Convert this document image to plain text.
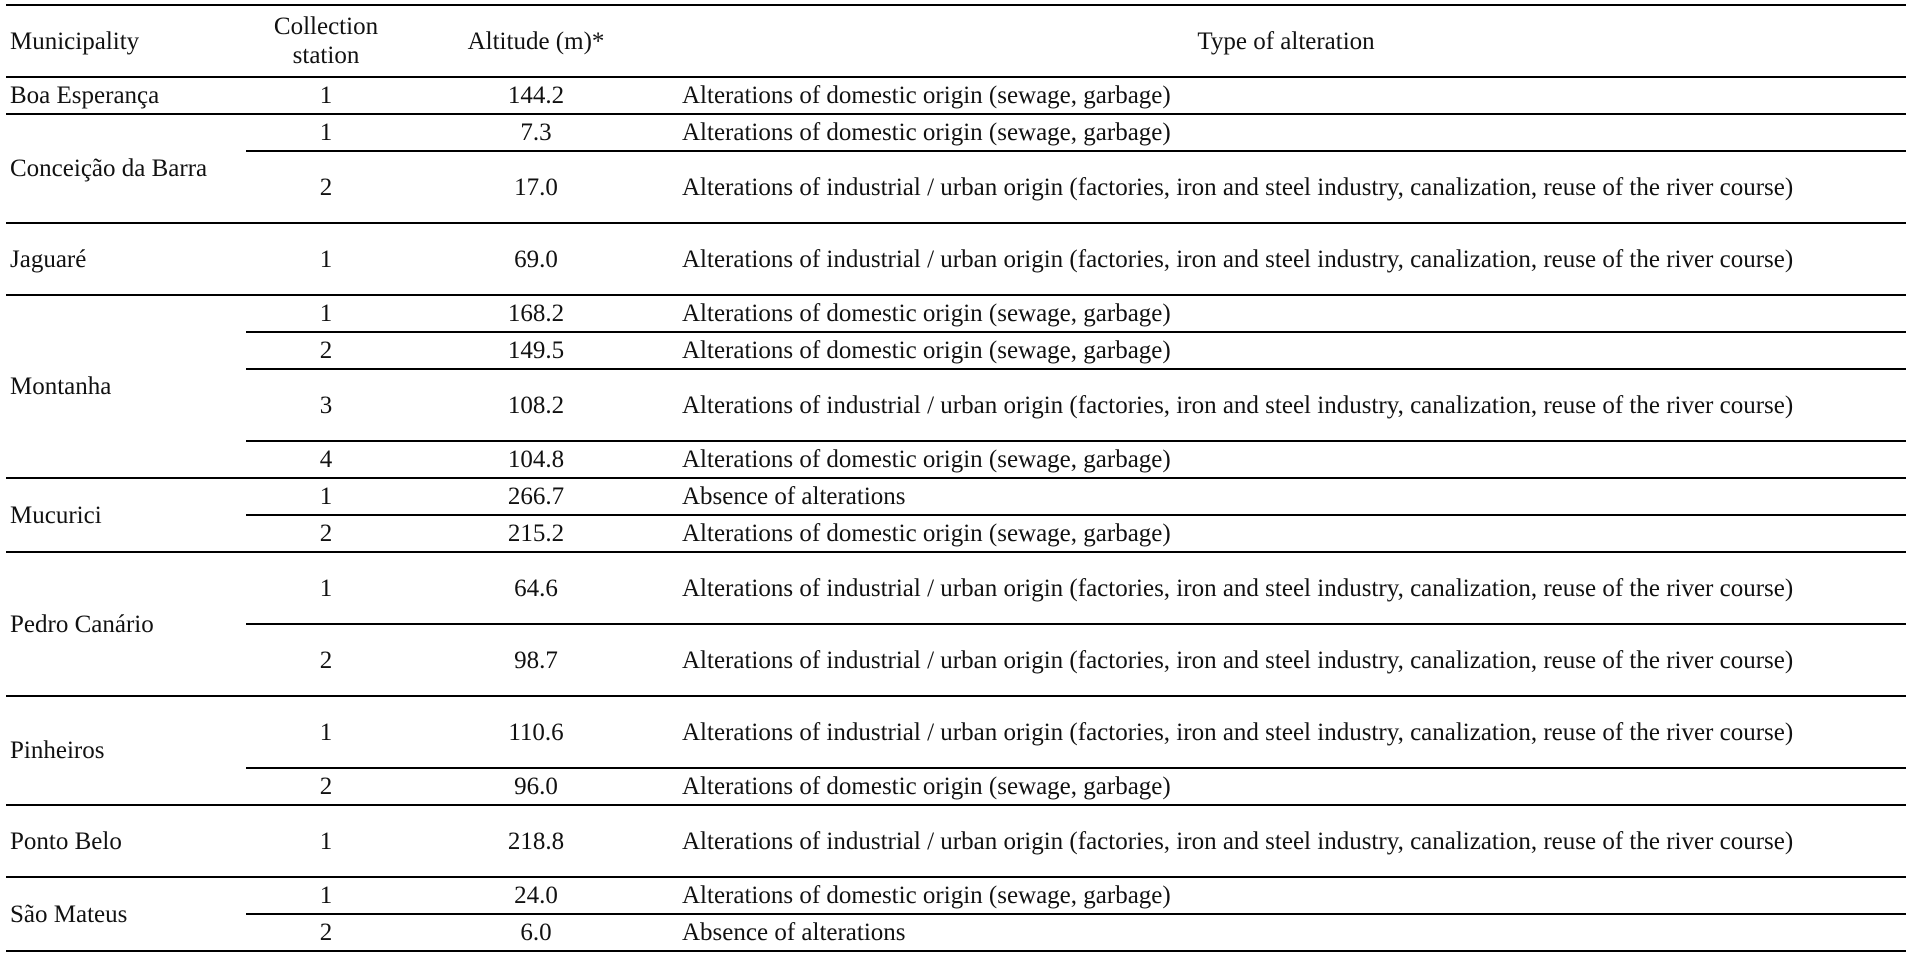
Municipality	Collection station	Altitude (m)*	Type of alteration
Boa Esperança	1	144.2	Alterations of domestic origin (sewage, garbage)
Conceição da Barra	1	7.3	Alterations of domestic origin (sewage, garbage)
	2	17.0	Alterations of industrial / urban origin (factories, iron and steel industry, canalization, reuse of the river course)
Jaguaré	1	69.0	Alterations of industrial / urban origin (factories, iron and steel industry, canalization, reuse of the river course)
Montanha	1	168.2	Alterations of domestic origin (sewage, garbage)
	2	149.5	Alterations of domestic origin (sewage, garbage)
	3	108.2	Alterations of industrial / urban origin (factories, iron and steel industry, canalization, reuse of the river course)
	4	104.8	Alterations of domestic origin (sewage, garbage)
Mucurici	1	266.7	Absence of alterations
	2	215.2	Alterations of domestic origin (sewage, garbage)
Pedro Canário	1	64.6	Alterations of industrial / urban origin (factories, iron and steel industry, canalization, reuse of the river course)
	2	98.7	Alterations of industrial / urban origin (factories, iron and steel industry, canalization, reuse of the river course)
Pinheiros	1	110.6	Alterations of industrial / urban origin (factories, iron and steel industry, canalization, reuse of the river course)
	2	96.0	Alterations of domestic origin (sewage, garbage)
Ponto Belo	1	218.8	Alterations of industrial / urban origin (factories, iron and steel industry, canalization, reuse of the river course)
São Mateus	1	24.0	Alterations of domestic origin (sewage, garbage)
	2	6.0	Absence of alterations
